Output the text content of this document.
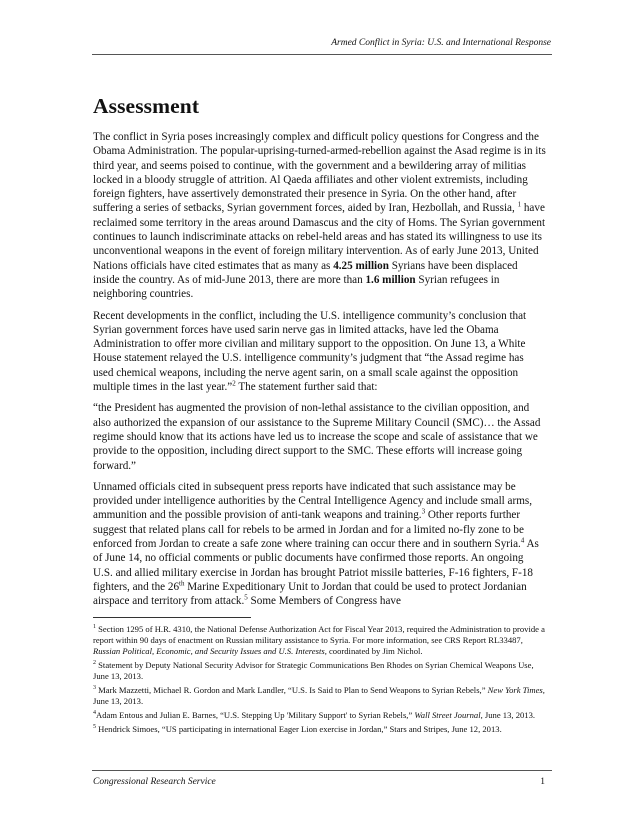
Armed Conflict in Syria: U.S. and International Response
Assessment

The conflict in Syria poses increasingly complex and difficult policy questions for Congress and the Obama Administration. The popular-uprising-turned-armed-rebellion against the Asad regime is in its third year, and seems poised to continue, with the government and a bewildering array of militias locked in a bloody struggle of attrition. Al Qaeda affiliates and other violent extremists, including foreign fighters, have assertively demonstrated their presence in Syria. On the other hand, after suffering a series of setbacks, Syrian government forces, aided by Iran, Hezbollah, and Russia, $^1$ have reclaimed some territory in the areas around Damascus and the city of Homs. The Syrian government continues to launch indiscriminate attacks on rebel-held areas and has stated its willingness to use its unconventional weapons in the event of foreign military intervention. As of early June 2013, United Nations officials have cited estimates that as many as 4.25 million Syrians have been displaced inside the country. As of mid-June 2013, there are more than 1.6 million Syrian refugees in neighboring countries.

Recent developments in the conflict, including the U.S. intelligence community’s conclusion that Syrian government forces have used sarin nerve gas in limited attacks, have led the Obama Administration to offer more civilian and military support to the opposition. On June 13, a White House statement relayed the U.S. intelligence community’s judgment that “the Assad regime has used chemical weapons, including the nerve agent sarin, on a small scale against the opposition multiple times in the last year.”$^2$ The statement further said that:

“the President has augmented the provision of non-lethal assistance to the civilian opposition, and also authorized the expansion of our assistance to the Supreme Military Council (SMC)… the Assad regime should know that its actions have led us to increase the scope and scale of assistance that we provide to the opposition, including direct support to the SMC. These efforts will increase going forward.”

Unnamed officials cited in subsequent press reports have indicated that such assistance may be provided under intelligence authorities by the Central Intelligence Agency and include small arms, ammunition and the possible provision of anti-tank weapons and training.$^3$ Other reports further suggest that related plans call for rebels to be armed in Jordan and for a limited no-fly zone to be enforced from Jordan to create a safe zone where training can occur there and in southern Syria.$^4$ As of June 14, no official comments or public documents have confirmed those reports. An ongoing U.S. and allied military exercise in Jordan has brought Patriot missile batteries, F-16 fighters, F-18 fighters, and the 26th Marine Expeditionary Unit to Jordan that could be used to protect Jordanian airspace and territory from attack.$^5$ Some Members of Congress have

$^1$ Section 1295 of H.R. 4310, the National Defense Authorization Act for Fiscal Year 2013, required the Administration to provide a report within 90 days of enactment on Russian military assistance to Syria. For more information, see CRS Report RL33487, Russian Political, Economic, and Security Issues and U.S. Interests, coordinated by Jim Nichol.
$^2$ Statement by Deputy National Security Advisor for Strategic Communications Ben Rhodes on Syrian Chemical Weapons Use, June 13, 2013.
$^3$ Mark Mazzetti, Michael R. Gordon and Mark Landler, “U.S. Is Said to Plan to Send Weapons to Syrian Rebels,” New York Times, June 13, 2013.
$^4$Adam Entous and Julian E. Barnes, “U.S. Stepping Up 'Military Support' to Syrian Rebels,” Wall Street Journal, June 13, 2013.
$^5$ Hendrick Simoes, “US participating in international Eager Lion exercise in Jordan,” Stars and Stripes, June 12, 2013.
Congressional Research Service	1
